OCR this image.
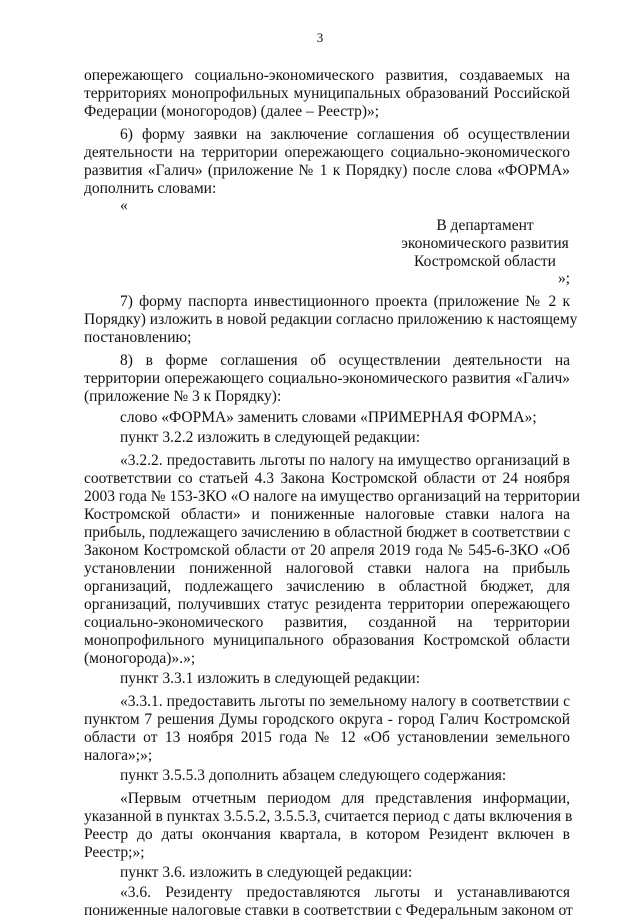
3
опережающего социально-экономического развития, создаваемых на
территориях монопрофильных муниципальных образований Российской
Федерации (моногородов) (далее – Реестр)»;
6) форму заявки на заключение соглашения об осуществлении
деятельности на территории опережающего социально-экономического
развития «Галич» (приложение № 1 к Порядку) после слова «ФОРМА»
дополнить словами:
«
В департамент
экономического развития
Костромской области
»;
7) форму паспорта инвестиционного проекта (приложение № 2 к
Порядку) изложить в новой редакции согласно приложению к настоящему
постановлению;
8) в форме соглашения об осуществлении деятельности на
территории опережающего социально-экономического развития «Галич»
(приложение № 3 к Порядку):
слово «ФОРМА» заменить словами «ПРИМЕРНАЯ ФОРМА»;
пункт 3.2.2 изложить в следующей редакции:
«3.2.2. предоставить льготы по налогу на имущество организаций в
соответствии со статьей 4.3 Закона Костромской области от 24 ноября
2003 года № 153-ЗКО «О налоге на имущество организаций на территории
Костромской области» и пониженные налоговые ставки налога на
прибыль, подлежащего зачислению в областной бюджет в соответствии с
Законом Костромской области от 20 апреля 2019 года № 545-6-ЗКО «Об
установлении пониженной налоговой ставки налога на прибыль
организаций, подлежащего зачислению в областной бюджет, для
организаций, получивших статус резидента территории опережающего
социально-экономического развития, созданной на территории
монопрофильного муниципального образования Костромской области
(моногорода)».»;
пункт 3.3.1 изложить в следующей редакции:
«3.3.1. предоставить льготы по земельному налогу в соответствии с
пунктом 7 решения Думы городского округа - город Галич Костромской
области от 13 ноября 2015 года № 12 «Об установлении земельного
налога»;»;
пункт 3.5.5.3 дополнить абзацем следующего содержания:
«Первым отчетным периодом для представления информации,
указанной в пунктах 3.5.5.2, 3.5.5.3, считается период с даты включения в
Реестр до даты окончания квартала, в котором Резидент включен в
Реестр;»;
пункт 3.6. изложить в следующей редакции:
«3.6. Резиденту предоставляются льготы и устанавливаются
пониженные налоговые ставки в соответствии с Федеральным законом от
